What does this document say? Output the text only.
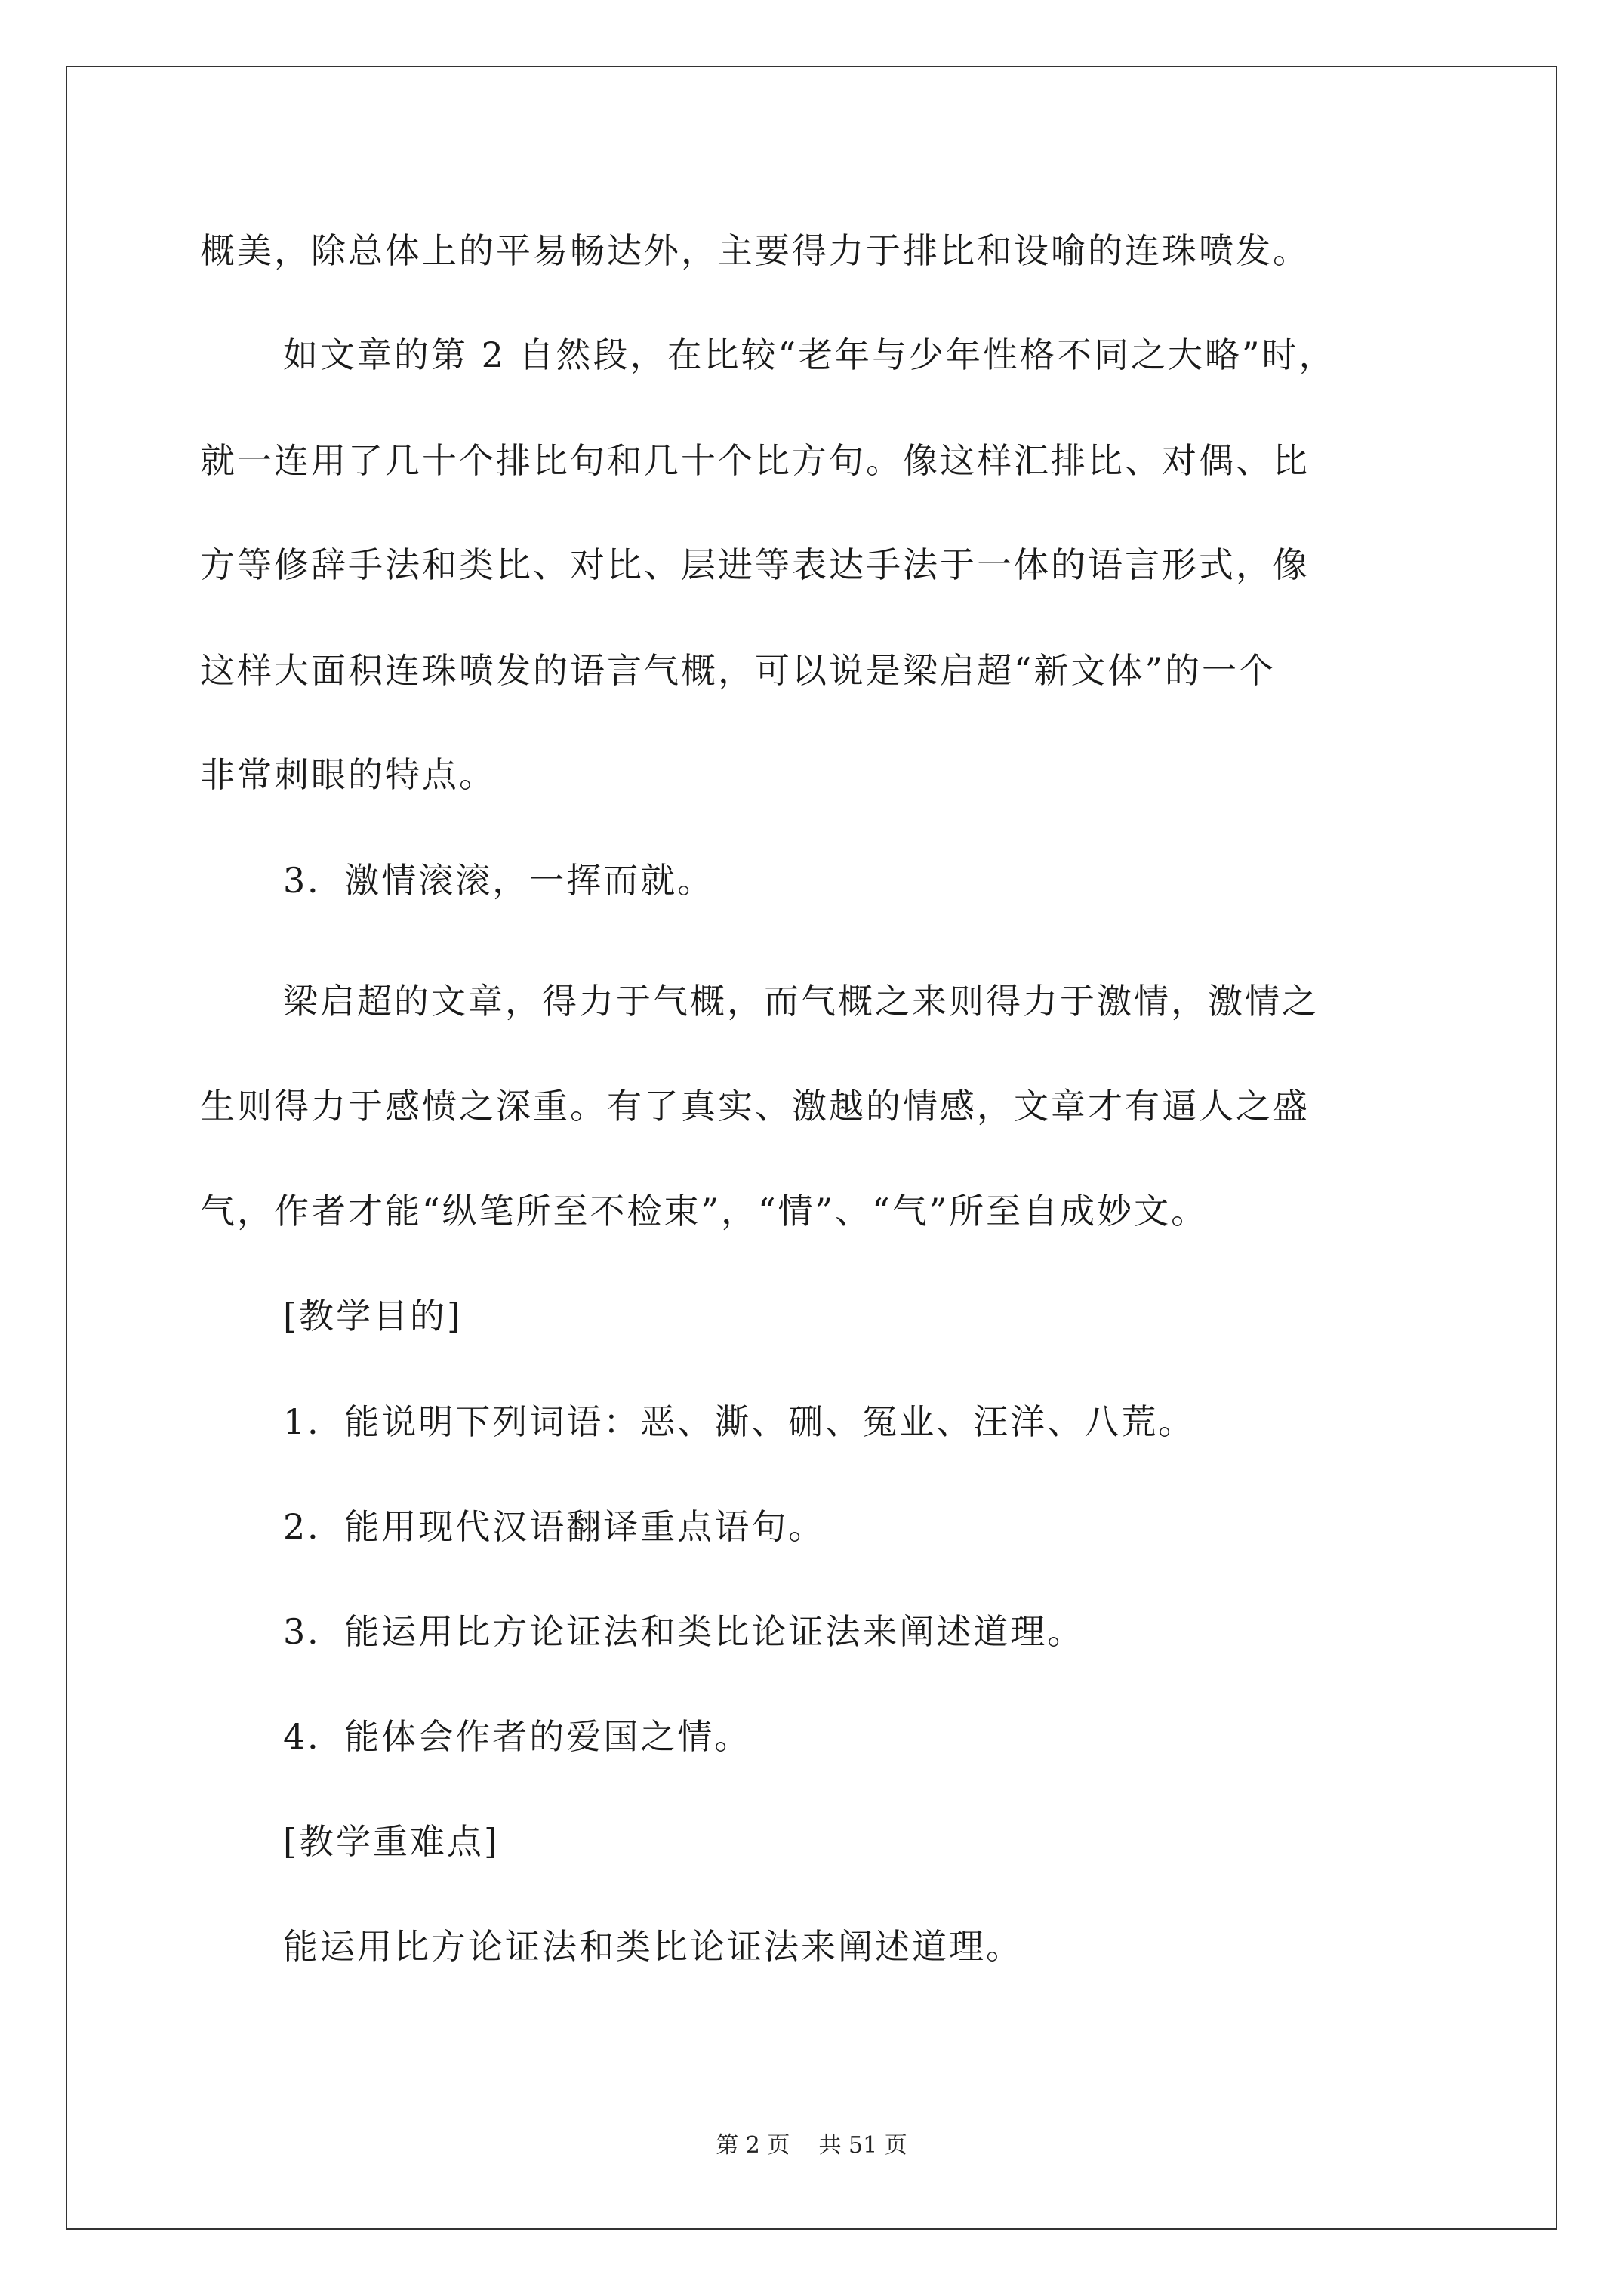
概美，除总体上的平易畅达外，主要得力于排比和设喻的连珠喷发。
如文章的第 2 自然段，在比较“老年与少年性格不同之大略”时，
就一连用了几十个排比句和几十个比方句。像这样汇排比、对偶、比
方等修辞手法和类比、对比、层进等表达手法于一体的语言形式，像
这样大面积连珠喷发的语言气概，可以说是梁启超“新文体”的一个
非常刺眼的特点。
3．激情滚滚，一挥而就。
梁启超的文章，得力于气概，而气概之来则得力于激情，激情之
生则得力于感愤之深重。有了真实、激越的情感，文章才有逼人之盛
气，作者才能“纵笔所至不检束”，“情”、“气”所至自成妙文。
[教学目的]
1．能说明下列词语：恶、澌、硎、冤业、汪洋、八荒。
2．能用现代汉语翻译重点语句。
3．能运用比方论证法和类比论证法来阐述道理。
4．能体会作者的爱国之情。
[教学重难点]
能运用比方论证法和类比论证法来阐述道理。
第 2 页    共 51 页
